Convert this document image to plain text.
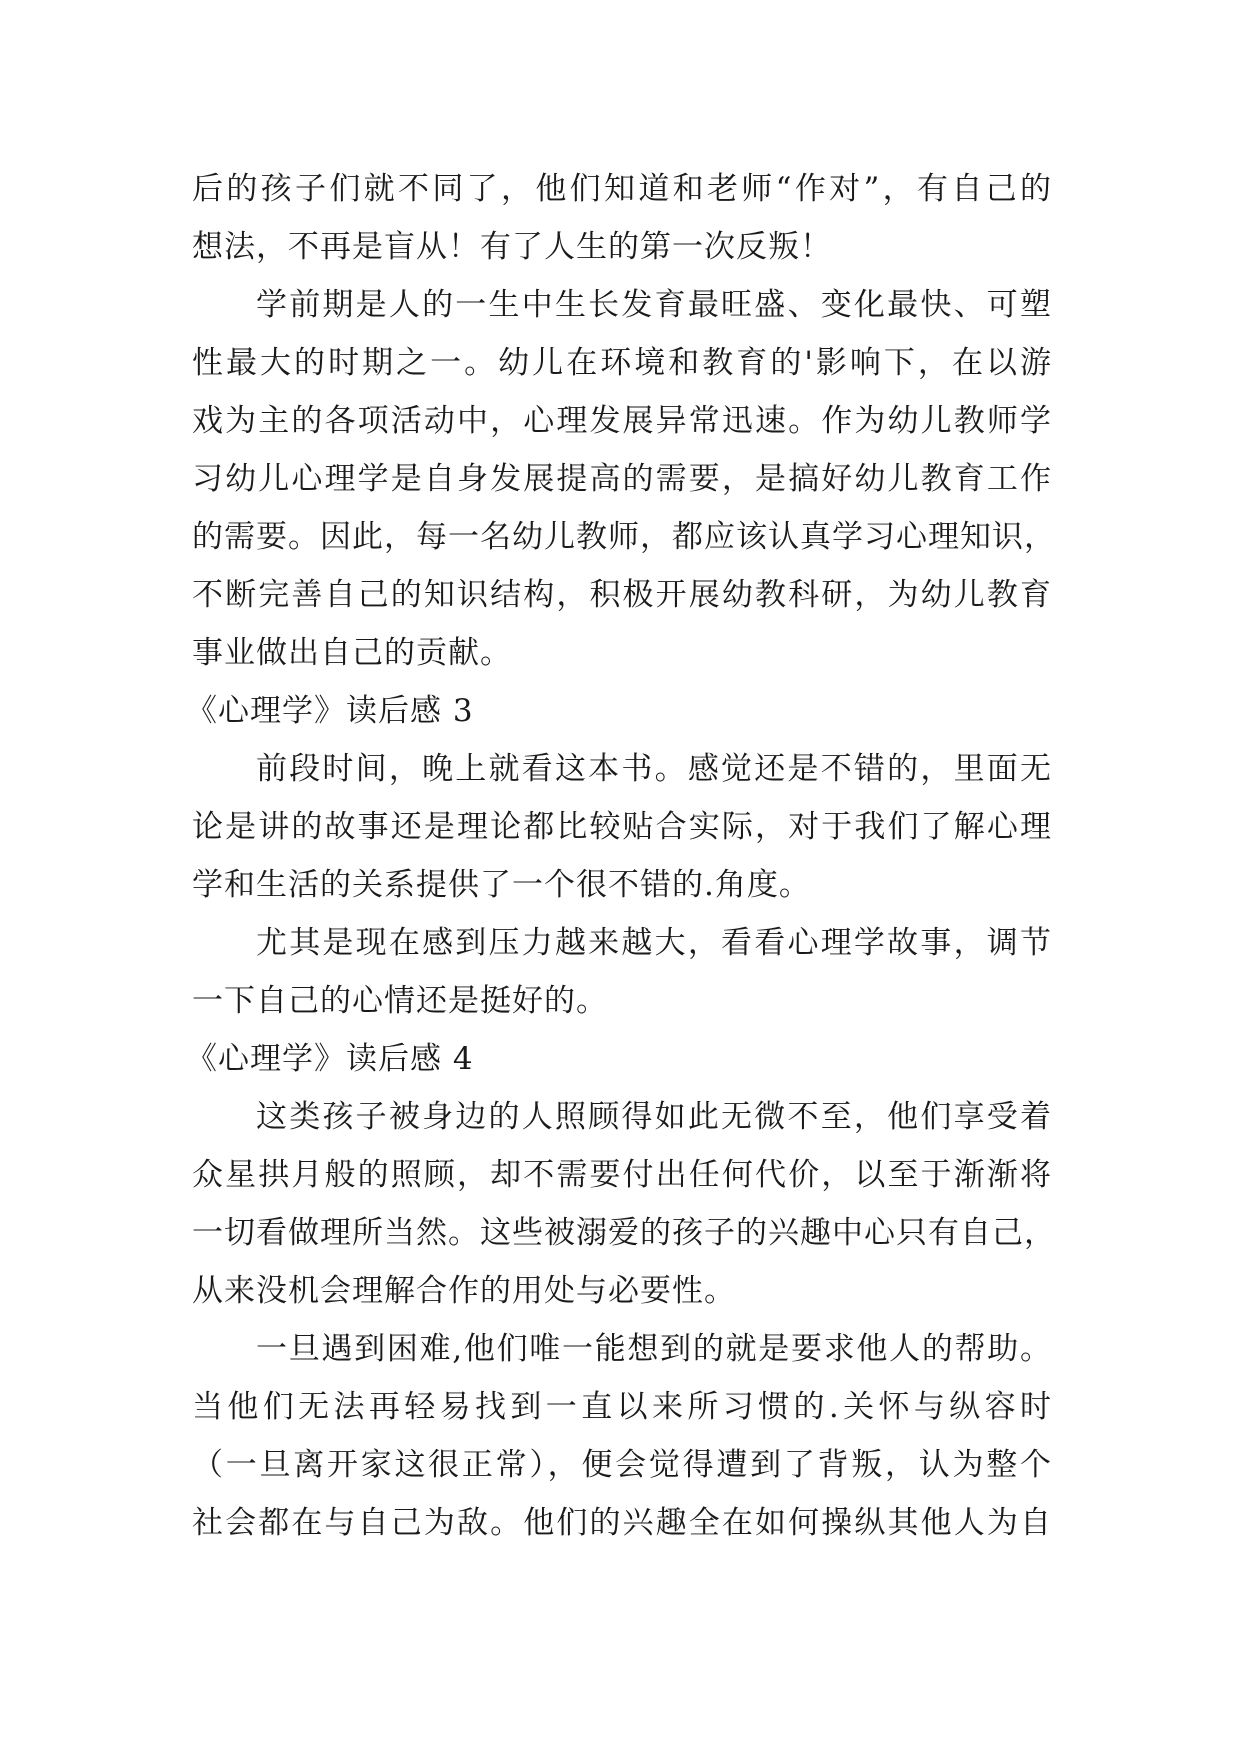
后的孩子们就不同了，他们知道和老师“作对”，有自己的
想法，不再是盲从！有了人生的第一次反叛！
学前期是人的一生中生长发育最旺盛、变化最快、可塑
性最大的时期之一。幼儿在环境和教育的'影响下，在以游
戏为主的各项活动中，心理发展异常迅速。作为幼儿教师学
习幼儿心理学是自身发展提高的需要，是搞好幼儿教育工作
的需要。因此，每一名幼儿教师，都应该认真学习心理知识，
不断完善自己的知识结构，积极开展幼教科研，为幼儿教育
事业做出自己的贡献。
《心理学》读后感 3
前段时间，晚上就看这本书。感觉还是不错的，里面无
论是讲的故事还是理论都比较贴合实际，对于我们了解心理
学和生活的关系提供了一个很不错的.角度。
尤其是现在感到压力越来越大，看看心理学故事，调节
一下自己的心情还是挺好的。
《心理学》读后感 4
这类孩子被身边的人照顾得如此无微不至，他们享受着
众星拱月般的照顾，却不需要付出任何代价，以至于渐渐将
一切看做理所当然。这些被溺爱的孩子的兴趣中心只有自己，
从来没机会理解合作的用处与必要性。
一旦遇到困难,他们唯一能想到的就是要求他人的帮助。
当他们无法再轻易找到一直以来所习惯的.关怀与纵容时
（一旦离开家这很正常），便会觉得遭到了背叛，认为整个
社会都在与自己为敌。他们的兴趣全在如何操纵其他人为自
